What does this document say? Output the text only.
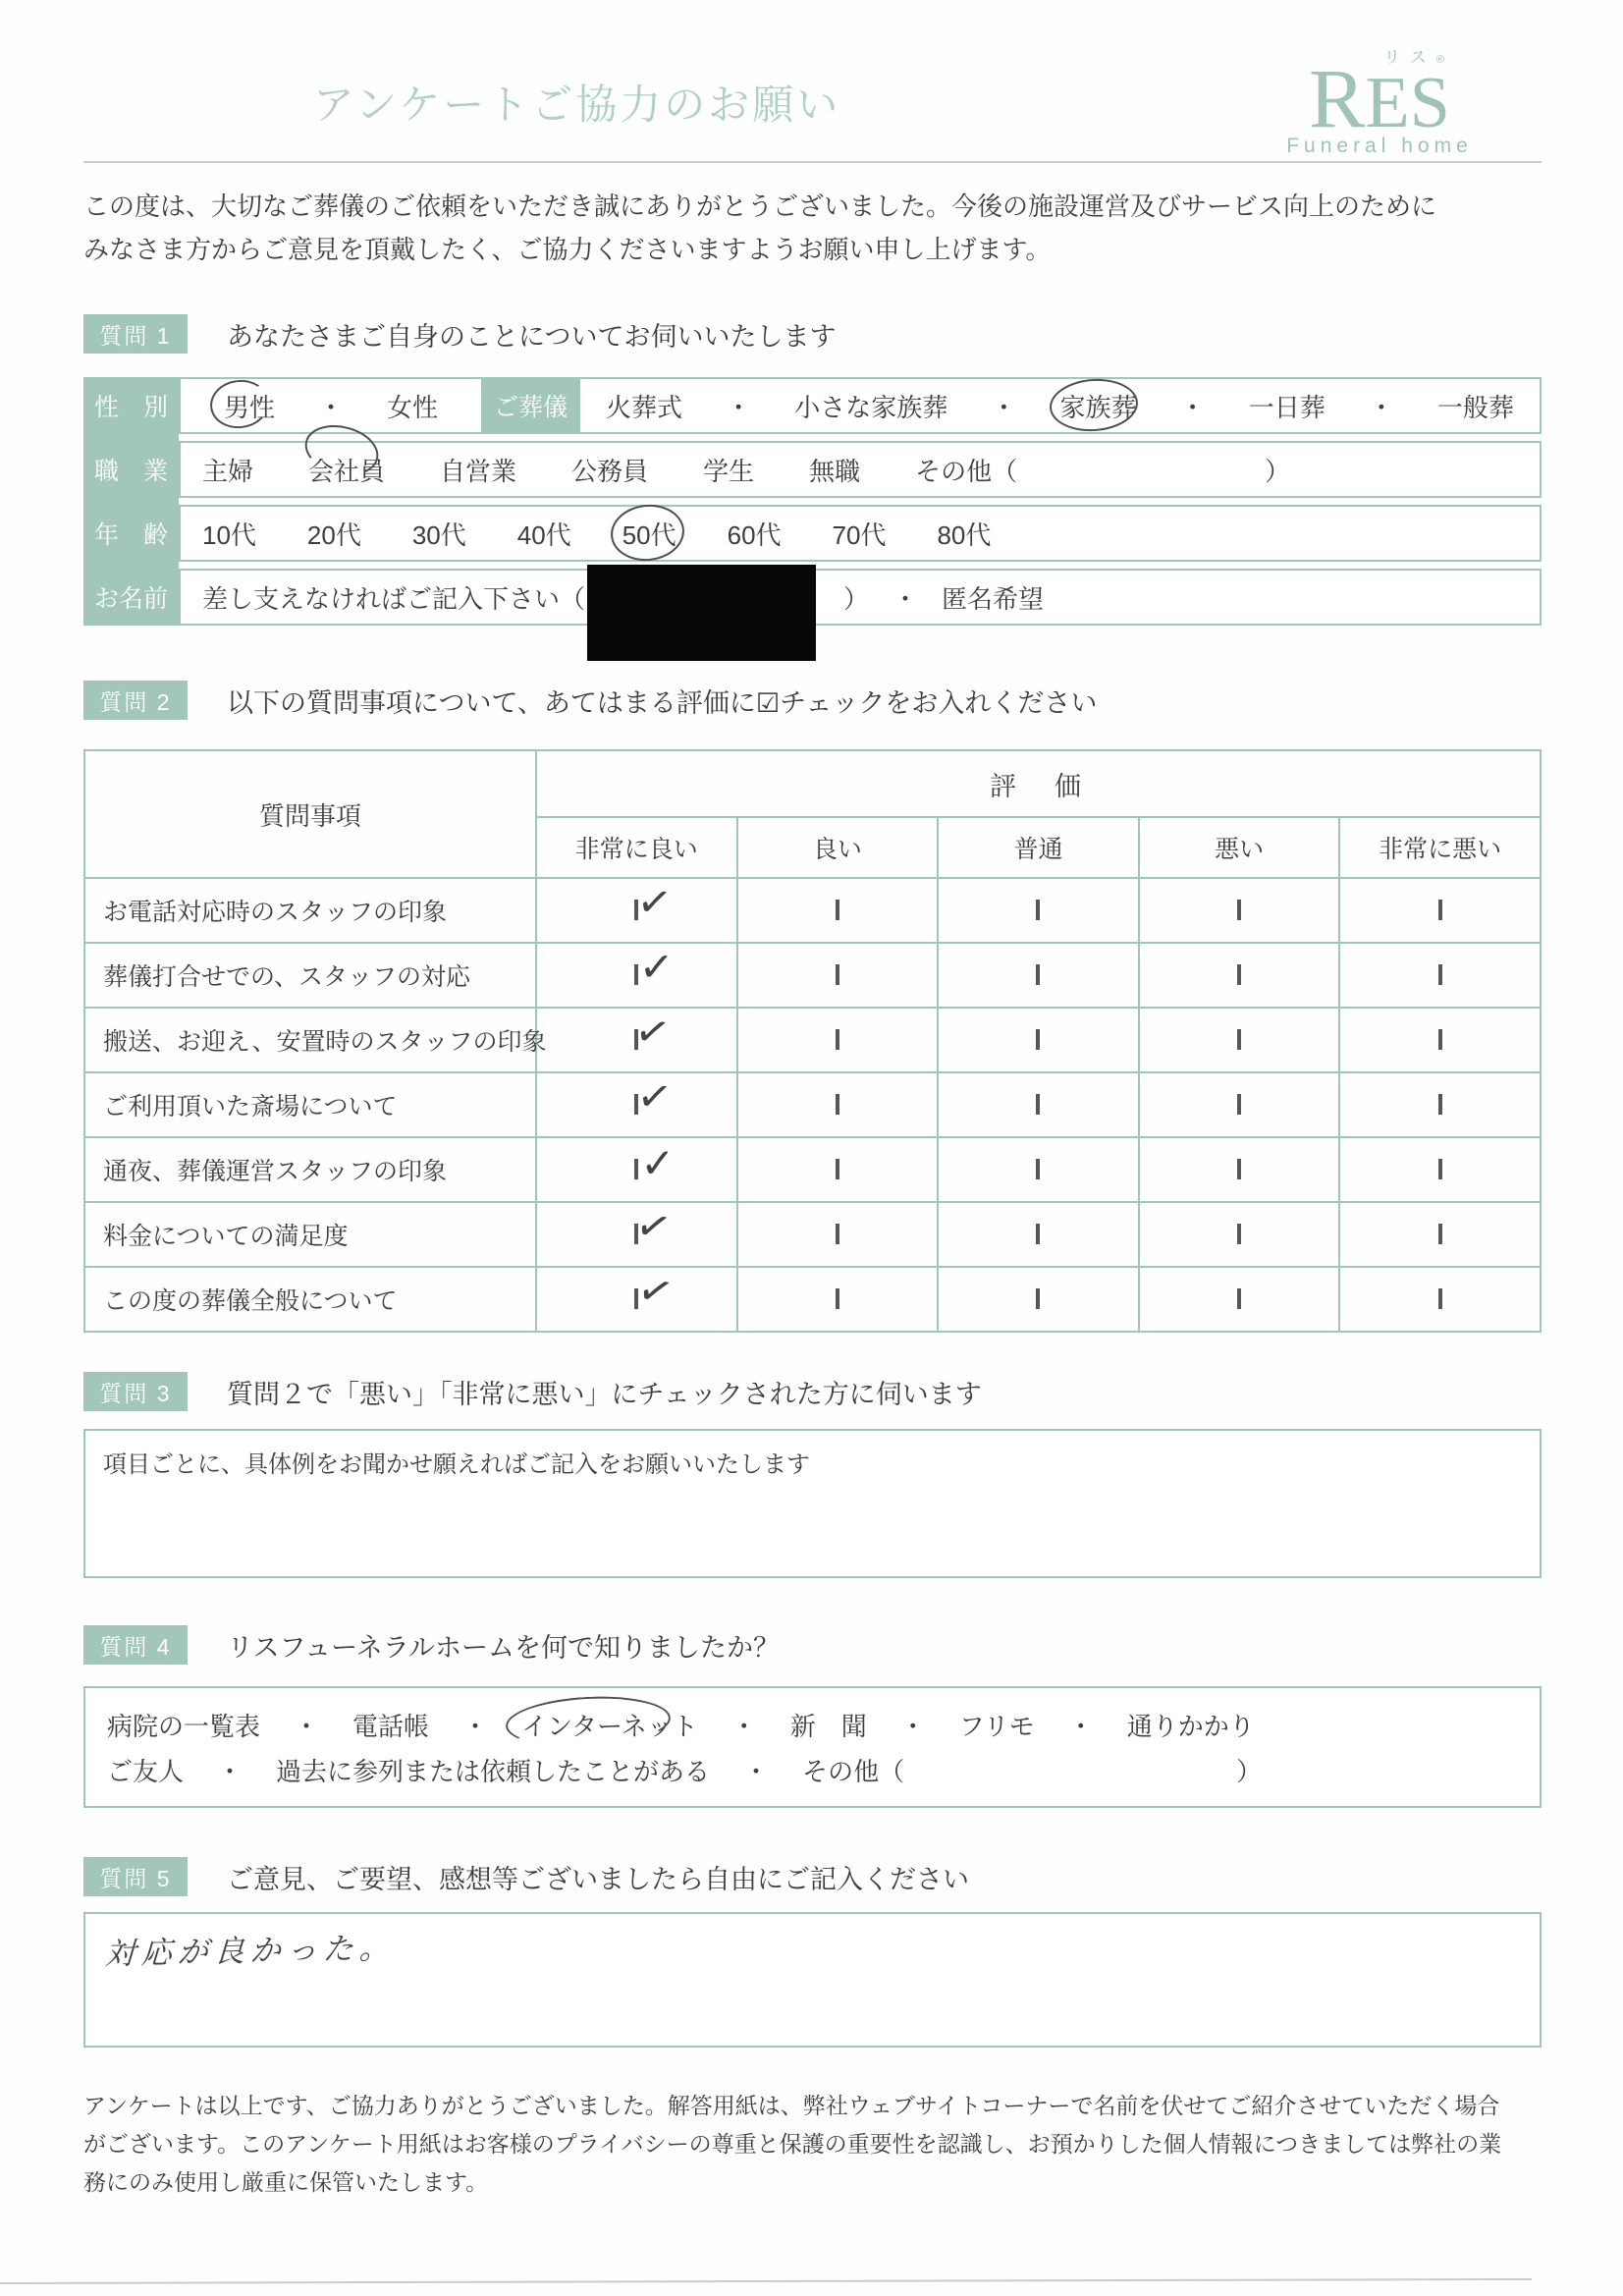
アンケートご協力のお願い
リス®
RES
Funeral home
この度は、大切なご葬儀のご依頼をいただき誠にありがとうございました。今後の施設運営及びサービス向上のために
みなさま方からご意見を頂戴したく、ご協力くださいますようお願い申し上げます。
質問 1	あなたさまご自身のことについてお伺いいたします
性　別	男性 ・ 女性	ご葬儀	火葬式 ・ 小さな家族葬 ・ 家族葬 ・ 一日葬 ・ 一般葬
職　業	主婦 会社員 自営業 公務員 学生 無職 その他（	）
年　齢	10代 20代 30代 40代 50代 60代 70代 80代
お名前	差し支えなければご記入下さい（	） ・ 匿名希望
質問 2	以下の質問事項について、あてはまる評価に☑チェックをお入れください
質問事項	評　価				
	非常に良い	良い	普通	悪い	非常に悪い
お電話対応時のスタッフの印象	✓				

葬儀打合せでの、スタッフの対応	✓				

搬送、お迎え、安置時のスタッフの印象	✓				

ご利用頂いた斎場について	✓				

通夜、葬儀運営スタッフの印象	✓				

料金についての満足度	✓				

この度の葬儀全般について	✓				

質問 3	質問２で「悪い」「非常に悪い」にチェックされた方に伺います
項目ごとに、具体例をお聞かせ願えればご記入をお願いいたします
質問 4	リスフューネラルホームを何で知りましたか？
病院の一覧表 ・ 電話帳 ・ インターネット ・ 新　聞 ・ フリモ ・ 通りかかり
ご友人 ・ 過去に参列または依頼したことがある ・ その他（	）
質問 5	ご意見、ご要望、感想等ございましたら自由にご記入ください
対応が良かった。
アンケートは以上です、ご協力ありがとうございました。解答用紙は、弊社ウェブサイトコーナーで名前を伏せてご紹介させていただく場合
がございます。このアンケート用紙はお客様のプライバシーの尊重と保護の重要性を認識し、お預かりした個人情報につきましては弊社の業
務にのみ使用し厳重に保管いたします。
